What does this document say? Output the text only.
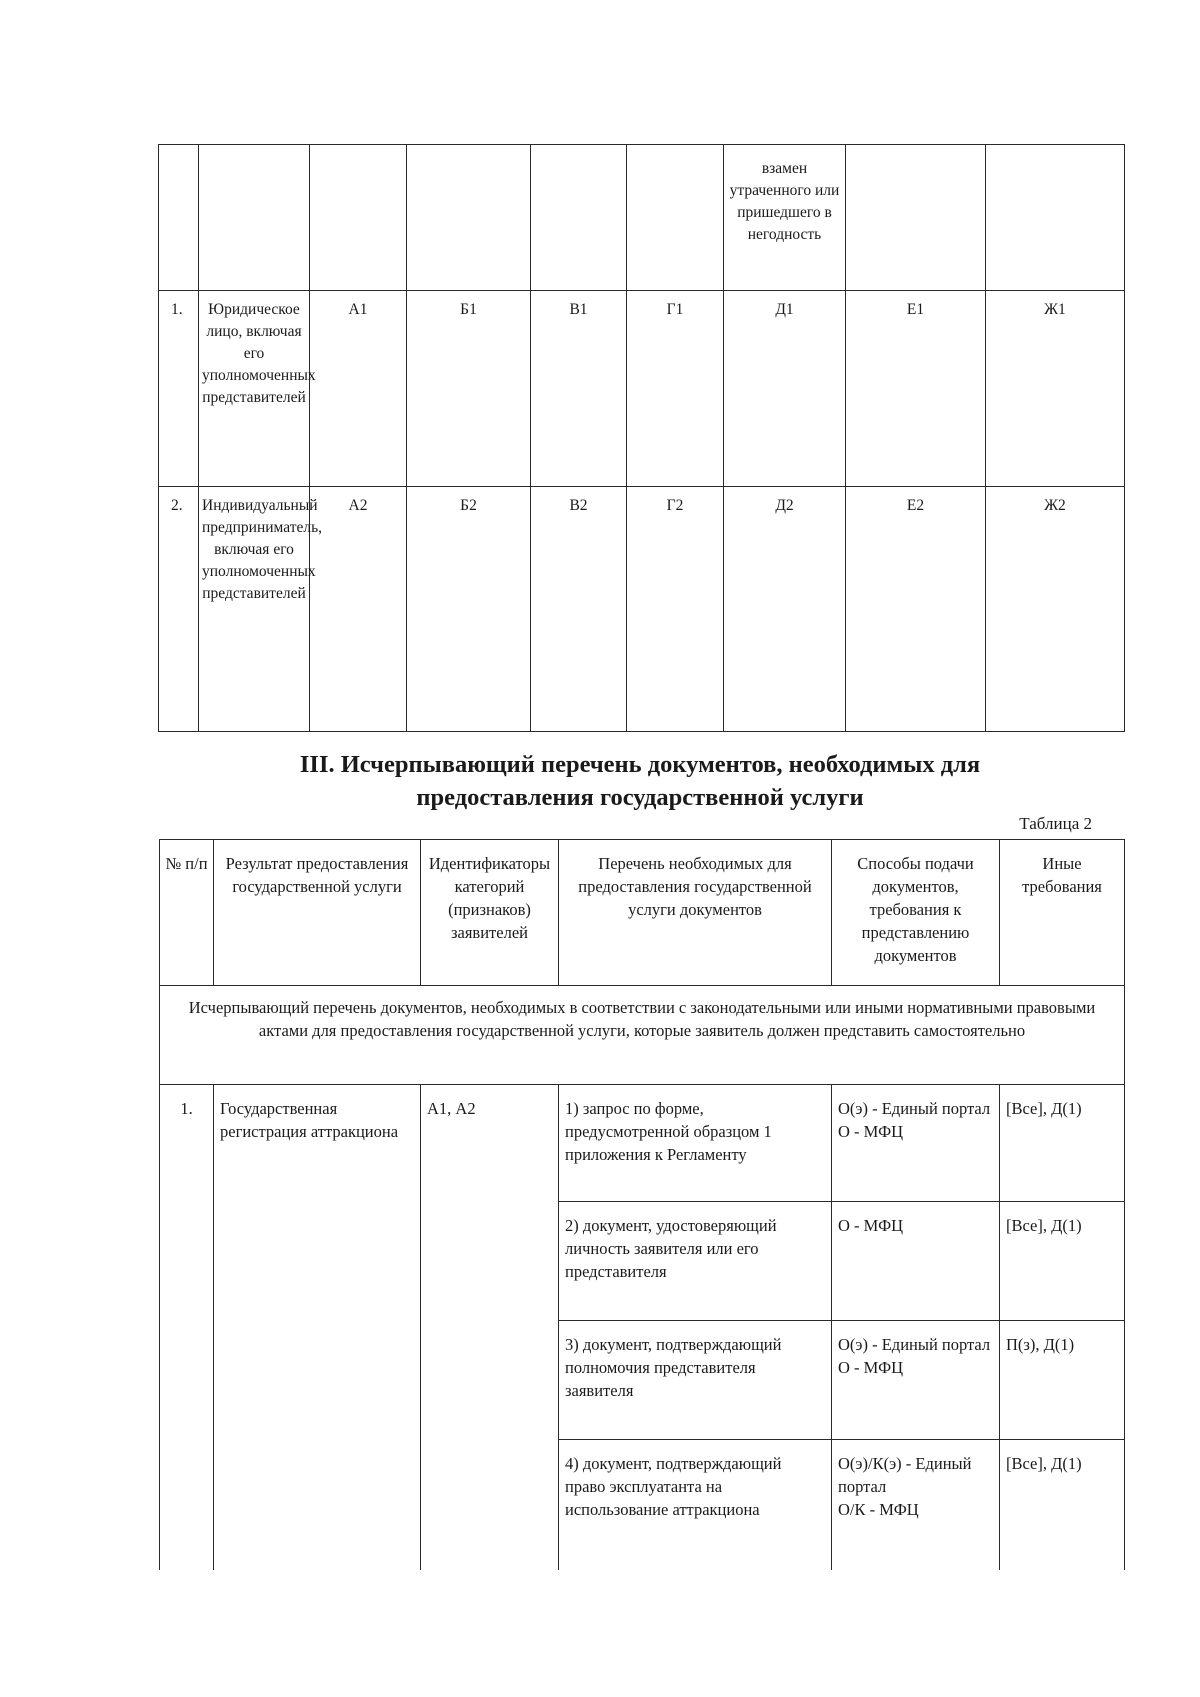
						взамен утраченного или пришедшего в негодность		
1.	Юридическое лицо, включая его уполномоченных представителей	А1	Б1	В1	Г1	Д1	Е1	Ж1
2.	Индивидуальный предприниматель, включая его уполномоченных представителей	А2	Б2	В2	Г2	Д2	Е2	Ж2
III. Исчерпывающий перечень документов, необходимых для
предоставления государственной услуги
Таблица 2
№ п/п	Результат предоставления государственной услуги	Идентификаторы категорий (признаков) заявителей	Перечень необходимых для предоставления государственной услуги документов	Способы подачи документов, требования к представлению документов	Иные требования
Исчерпывающий перечень документов, необходимых в соответствии с законодательными или иными нормативными правовыми актами для предоставления государственной услуги, которые заявитель должен представить самостоятельно					
1.	Государственная регистрация аттракциона	А1, А2	1) запрос по форме, предусмотренной образцом 1 приложения к Регламенту	О(э) - Единый портал
О - МФЦ	[Все], Д(1)
			2) документ, удостоверяющий личность заявителя или его представителя	О - МФЦ	[Все], Д(1)
			3) документ, подтверждающий полномочия представителя заявителя	О(э) - Единый портал
О - МФЦ	П(з), Д(1)
			4) документ, подтверждающий право эксплуатанта на использование аттракциона	О(э)/К(э) - Единый портал
О/К - МФЦ	[Все], Д(1)
